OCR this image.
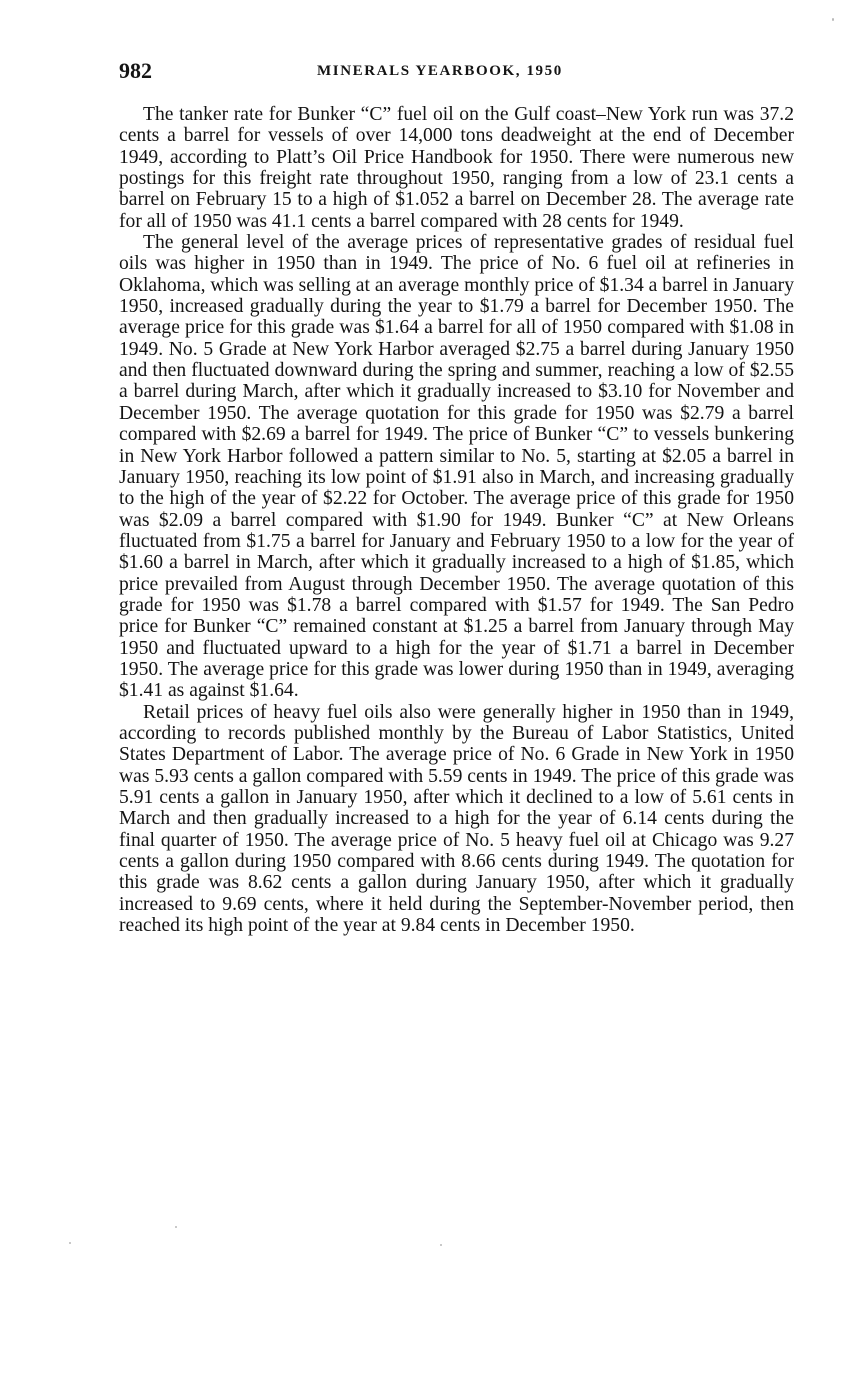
982	MINERALS YEARBOOK, 1950

The tanker rate for Bunker “C” fuel oil on the Gulf coast–New York run was 37.2 cents a barrel for vessels of over 14,000 tons deadweight at the end of December 1949, according to Platt’s Oil Price Handbook for 1950. There were numerous new postings for this freight rate throughout 1950, ranging from a low of 23.1 cents a barrel on February 15 to a high of $1.052 a barrel on December 28. The average rate for all of 1950 was 41.1 cents a barrel compared with 28 cents for 1949.

The general level of the average prices of representative grades of residual fuel oils was higher in 1950 than in 1949. The price of No. 6 fuel oil at refineries in Oklahoma, which was selling at an average monthly price of $1.34 a barrel in January 1950, increased gradually during the year to $1.79 a barrel for December 1950. The average price for this grade was $1.64 a barrel for all of 1950 compared with $1.08 in 1949. No. 5 Grade at New York Harbor averaged $2.75 a barrel during January 1950 and then fluctuated downward during the spring and summer, reaching a low of $2.55 a barrel during March, after which it gradually increased to $3.10 for November and December 1950. The average quotation for this grade for 1950 was $2.79 a barrel compared with $2.69 a barrel for 1949. The price of Bunker “C” to vessels bunkering in New York Harbor followed a pattern similar to No. 5, starting at $2.05 a barrel in January 1950, reaching its low point of $1.91 also in March, and increasing gradually to the high of the year of $2.22 for October. The average price of this grade for 1950 was $2.09 a barrel compared with $1.90 for 1949. Bunker “C” at New Orleans fluctuated from $1.75 a barrel for January and February 1950 to a low for the year of $1.60 a barrel in March, after which it gradually increased to a high of $1.85, which price prevailed from August through December 1950. The average quotation of this grade for 1950 was $1.78 a barrel compared with $1.57 for 1949. The San Pedro price for Bunker “C” remained constant at $1.25 a barrel from January through May 1950 and fluctuated upward to a high for the year of $1.71 a barrel in December 1950. The average price for this grade was lower during 1950 than in 1949, averaging $1.41 as against $1.64.

Retail prices of heavy fuel oils also were generally higher in 1950 than in 1949, according to records published monthly by the Bureau of Labor Statistics, United States Department of Labor. The average price of No. 6 Grade in New York in 1950 was 5.93 cents a gallon compared with 5.59 cents in 1949. The price of this grade was 5.91 cents a gallon in January 1950, after which it declined to a low of 5.61 cents in March and then gradually increased to a high for the year of 6.14 cents during the final quarter of 1950. The average price of No. 5 heavy fuel oil at Chicago was 9.27 cents a gallon during 1950 compared with 8.66 cents during 1949. The quotation for this grade was 8.62 cents a gallon during January 1950, after which it gradually increased to 9.69 cents, where it held during the September-November period, then reached its high point of the year at 9.84 cents in December 1950.
